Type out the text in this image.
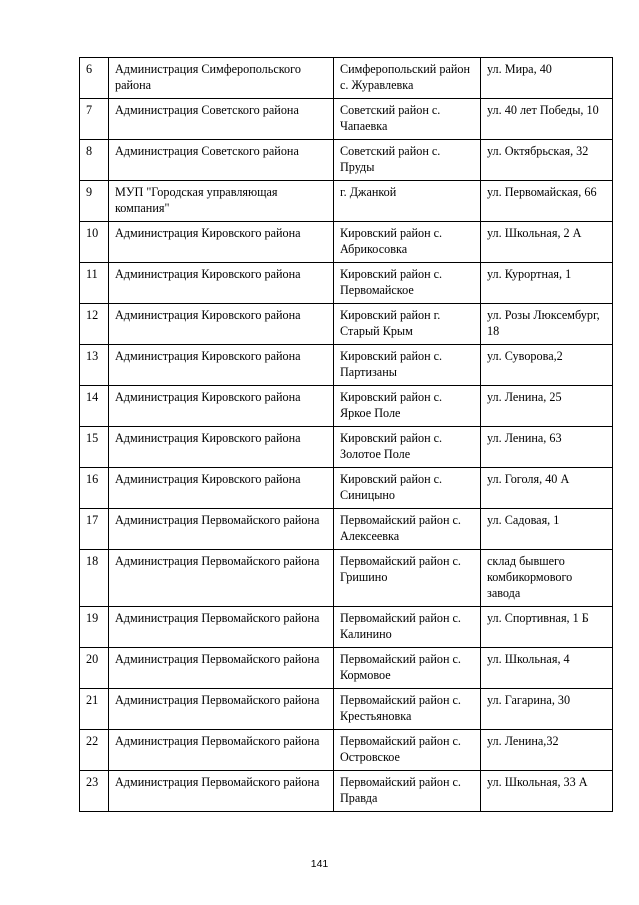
6	Администрация Симферопольского района	Симферопольский район с. Журавлевка	ул. Мира, 40
7	Администрация Советского района	Советский район с. Чапаевка	ул. 40 лет Победы, 10
8	Администрация Советского района	Советский район с. Пруды	ул. Октябрьская, 32
9	МУП "Городская управляющая компания"	г. Джанкой	ул. Первомайская, 66
10	Администрация Кировского района	Кировский район с. Абрикосовка	ул. Школьная, 2 А
11	Администрация Кировского района	Кировский район с. Первомайское	ул. Курортная, 1
12	Администрация Кировского района	Кировский район г. Старый Крым	ул. Розы Люксембург, 18
13	Администрация Кировского района	Кировский район с. Партизаны	ул. Суворова,2
14	Администрация Кировского района	Кировский район с. Яркое Поле	ул. Ленина, 25
15	Администрация Кировского района	Кировский район с. Золотое Поле	ул. Ленина, 63
16	Администрация Кировского района	Кировский район с. Синицыно	ул. Гоголя, 40 А
17	Администрация Первомайского района	Первомайский район с. Алексеевка	ул. Садовая, 1
18	Администрация Первомайского района	Первомайский район с. Гришино	склад бывшего комбикормового завода
19	Администрация Первомайского района	Первомайский район с. Калинино	ул. Спортивная, 1 Б
20	Администрация Первомайского района	Первомайский район с. Кормовое	ул. Школьная, 4
21	Администрация Первомайского района	Первомайский район с. Крестьяновка	ул. Гагарина, 30
22	Администрация Первомайского района	Первомайский район с. Островское	ул. Ленина,32
23	Администрация Первомайского района	Первомайский район с. Правда	ул. Школьная, 33 А
141
